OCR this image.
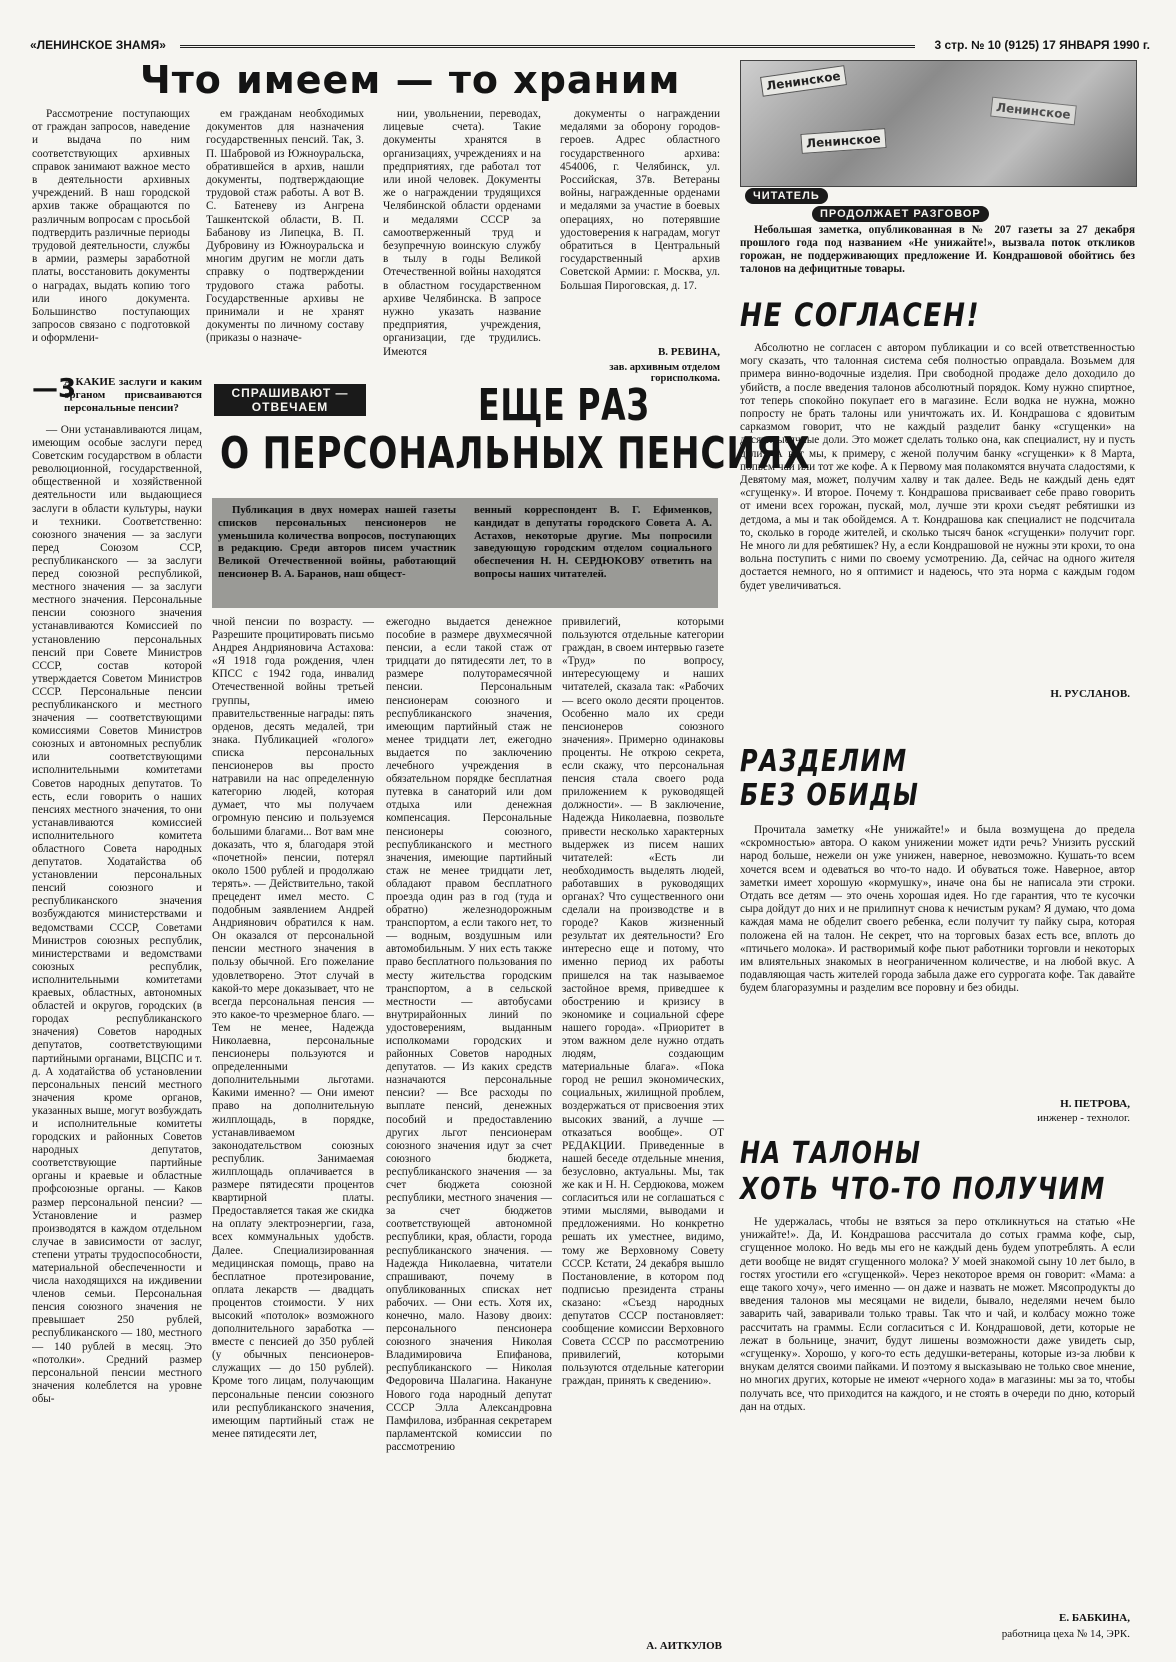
«ЛЕНИНСКОЕ ЗНАМЯ»	3 стр. № 10 (9125) 17 ЯНВАРЯ 1990 г.
Что имеем — то храним

Рассмотрение поступающих от граждан запросов, наведение и выдача по ним соответствующих архивных справок занимают важное место в деятельности архивных учреждений. В наш городской архив также обращаются по различным вопросам с просьбой подтвердить различные периоды трудовой деятельности, службы в армии, размеры заработной платы, восстановить документы о наградах, выдать копию того или иного документа. Большинство поступающих запросов связано с подготовкой и оформлени-

ем гражданам необходимых документов для назначения государственных пенсий. Так, З. П. Шабровой из Южноуральска, обратившейся в архив, нашли документы, подтверждающие трудовой стаж работы. А вот В. С. Батеневу из Ангрена Ташкентской области, В. П. Бабанову из Липецка, В. П. Дубровину из Южноуральска и многим другим не могли дать справку о подтверждении трудового стажа работы. Государственные архивы не принимали и не хранят документы по личному составу (приказы о назначе-

нии, увольнении, переводах, лицевые счета). Такие документы хранятся в организациях, учреждениях и на предприятиях, где работал тот или иной человек. Документы же о награждении трудящихся Челябинской области орденами и медалями СССР за самоотверженный труд и безупречную воинскую службу в тылу в годы Великой Отечественной войны находятся в областном государственном архиве Челябинска. В запросе нужно указать название предприятия, учреждения, организации, где трудились. Имеются

документы о награждении медалями за оборону городов-героев. Адрес областного государственного архива: 454006, г. Челябинск, ул. Российская, 37в. Ветераны войны, награжденные орденами и медалями за участие в боевых операциях, но потерявшие удостоверения к наградам, могут обратиться в Центральный государственный архив Советской Армии: г. Москва, ул. Большая Пироговская, д. 17.

В. РЕВИНА,
зав. архивным отделом горисполкома.
СПРАШИВАЮТ — ОТВЕЧАЕМ	ЕЩЕ РАЗ
О ПЕРСОНАЛЬНЫХ ПЕНСИЯХ

Публикация в двух номерах нашей газеты списков персональных пенсионеров не уменьшила количества вопросов, поступающих в редакцию. Среди авторов писем участник Великой Отечественной войны, работающий пенсионер В. А. Баранов, наш общест-

венный корреспондент В. Г. Ефименков, кандидат в депутаты городского Совета А. А. Астахов, некоторые другие. Мы попросили заведующую городским отделом социального обеспечения Н. Н. СЕРДЮКОВУ ответить на вопросы наших читателей.

—3
А КАКИЕ заслуги и каким органом присваиваются персональные пенсии?

— Они устанавливаются лицам, имеющим особые заслуги перед Советским государством в области революционной, государственной, общественной и хозяйственной деятельности или выдающиеся заслуги в области культуры, науки и техники. Соответственно: союзного значения — за заслуги перед Союзом ССР, республиканского — за заслуги перед союзной республикой, местного значения — за заслуги местного значения. Персональные пенсии союзного значения устанавливаются Комиссией по установлению персональных пенсий при Совете Министров СССР, состав которой утверждается Советом Министров СССР. Персональные пенсии республиканского и местного значения — соответствующими комиссиями Советов Министров союзных и автономных республик или соответствующими исполнительными комитетами Советов народных депутатов. То есть, если говорить о наших пенсиях местного значения, то они устанавливаются комиссией исполнительного комитета областного Совета народных депутатов. Ходатайства об установлении персональных пенсий союзного и республиканского значения возбуждаются министерствами и ведомствами СССР, Советами Министров союзных республик, министерствами и ведомствами союзных республик, исполнительными комитетами краевых, областных, автономных областей и округов, городских (в городах республиканского значения) Советов народных депутатов, соответствующими партийными органами, ВЦСПС и т. д. А ходатайства об установлении персональных пенсий местного значения кроме органов, указанных выше, могут возбуждать и исполнительные комитеты городских и районных Советов народных депутатов, соответствующие партийные органы и краевые и областные профсоюзные органы. — Каков размер персональной пенсии? — Установление и размер производятся в каждом отдельном случае в зависимости от заслуг, степени утраты трудоспособности, материальной обеспеченности и числа находящихся на иждивении членов семьи. Персональная пенсия союзного значения не превышает 250 рублей, республиканского — 180, местного — 140 рублей в месяц. Это «потолки». Средний размер персональной пенсии местного значения колеблется на уровне обы-

чной пенсии по возрасту. — Разрешите процитировать письмо Андрея Андрияновича Астахова: «Я 1918 года рождения, член КПСС с 1942 года, инвалид Отечественной войны третьей группы, имею правительственные награды: пять орденов, десять медалей, три знака. Публикацией «голого» списка персональных пенсионеров вы просто натравили на нас определенную категорию людей, которая думает, что мы получаем огромную пенсию и пользуемся большими благами... Вот вам мне доказать, что я, благодаря этой «почетной» пенсии, потерял около 1500 рублей и продолжаю терять». — Действительно, такой прецедент имел место. С подобным заявлением Андрей Андриянович обратился к нам. Он оказался от персональной пенсии местного значения в пользу обычной. Его пожелание удовлетворено. Этот случай в какой-то мере доказывает, что не всегда персональная пенсия — это какое-то чрезмерное благо. — Тем не менее, Надежда Николаевна, персональные пенсионеры пользуются и определенными дополнительными льготами. Какими именно? — Они имеют право на дополнительную жилплощадь, в порядке, устанавливаемом законодательством союзных республик. Занимаемая жилплощадь оплачивается в размере пятидесяти процентов квартирной платы. Предоставляется такая же скидка на оплату электроэнергии, газа, всех коммунальных удобств. Далее. Специализированная медицинская помощь, право на бесплатное протезирование, оплата лекарств — двадцать процентов стоимости. У них высокий «потолок» возможного дополнительного заработка — вместе с пенсией до 350 рублей (у обычных пенсионеров-служащих — до 150 рублей). Кроме того лицам, получающим персональные пенсии союзного или республиканского значения, имеющим партийный стаж не менее пятидесяти лет,

ежегодно выдается денежное пособие в размере двухмесячной пенсии, а если такой стаж от тридцати до пятидесяти лет, то в размере полуторамесячной пенсии. Персональным пенсионерам союзного и республиканского значения, имеющим партийный стаж не менее тридцати лет, ежегодно выдается по заключению лечебного учреждения в обязательном порядке бесплатная путевка в санаторий или дом отдыха или денежная компенсация. Персональные пенсионеры союзного, республиканского и местного значения, имеющие партийный стаж не менее тридцати лет, обладают правом бесплатного проезда один раз в год (туда и обратно) железнодорожным транспортом, а если такого нет, то — водным, воздушным или автомобильным. У них есть также право бесплатного пользования по месту жительства городским транспортом, а в сельской местности — автобусами внутрирайонных линий по удостоверениям, выданным исполкомами городских и районных Советов народных депутатов. — Из каких средств назначаются персональные пенсии? — Все расходы по выплате пенсий, денежных пособий и предоставлению других льгот пенсионерам союзного значения идут за счет союзного бюджета, республиканского значения — за счет бюджета союзной республики, местного значения — за счет бюджетов соответствующей автономной республики, края, области, города республиканского значения. — Надежда Николаевна, читатели спрашивают, почему в опубликованных списках нет рабочих. — Они есть. Хотя их, конечно, мало. Назову двоих: персонального пенсионера союзного значения Николая Владимировича Епифанова, республиканского — Николая Федоровича Шалагина. Накануне Нового года народный депутат СССР Элла Александровна Памфилова, избранная секретарем парламентской комиссии по рассмотрению

привилегий, которыми пользуются отдельные категории граждан, в своем интервью газете «Труд» по вопросу, интересующему и наших читателей, сказала так: «Рабочих — всего около десяти процентов. Особенно мало их среди пенсионеров союзного значения». Примерно одинаковы проценты. Не открою секрета, если скажу, что персональная пенсия стала своего рода приложением к руководящей должности». — В заключение, Надежда Николаевна, позвольте привести несколько характерных выдержек из писем наших читателей: «Есть ли необходимость выделять людей, работавших в руководящих органах? Что существенного они сделали на производстве и в городе? Каков жизненный результат их деятельности? Его интересно еще и потому, что именно период их работы пришелся на так называемое застойное время, приведшее к обострению и кризису в экономике и социальной сфере нашего города». «Приоритет в этом важном деле нужно отдать людям, создающим материальные блага». «Пока город не решил экономических, социальных, жилищной проблем, воздержаться от присвоения этих высоких званий, а лучше — отказаться вообще». ОТ РЕДАКЦИИ. Приведенные в нашей беседе отдельные мнения, безусловно, актуальны. Мы, так же как и Н. Н. Сердюкова, можем согласиться или не соглашаться с этими мыслями, выводами и предложениями. Но конкретно решать их уместнее, видимо, тому же Верховному Совету СССР. Кстати, 24 декабря вышло Постановление, в котором под подписью президента страны сказано: «Съезд народных депутатов СССР постановляет: сообщение комиссии Верховного Совета СССР по рассмотрению привилегий, которыми пользуются отдельные категории граждан, принять к сведению».

А. АИТКУЛОВ
Ленинское
Ленинское
Ленинское
ЧИТАТЕЛЬ
ПРОДОЛЖАЕТ РАЗГОВОР

Небольшая заметка, опубликованная в № 207 газеты за 27 декабря прошлого года под названием «Не унижайте!», вызвала поток откликов горожан, не поддерживающих предложение И. Кондрашовой обойтись без талонов на дефицитные товары.

НЕ СОГЛАСЕН!

Абсолютно не согласен с автором публикации и со всей ответственностью могу сказать, что талонная система себя полностью оправдала. Возьмем для примера винно-водочные изделия. При свободной продаже дело доходило до убийств, а после введения талонов абсолютный порядок. Кому нужно спиртное, тот теперь спокойно покупает его в магазине. Если водка не нужна, можно попросту не брать талоны или уничтожать их. И. Кондрашова с ядовитым сарказмом говорит, что не каждый разделит банку «сгущенки» на десятитысячные доли. Это может сделать только она, как специалист, ну и пусть делит. А вот мы, к примеру, с женой получим банку «сгущенки» к 8 Марта, попьем чай или тот же кофе. А к Первому мая полакомятся внучата сладостями, к Девятому мая, может, получим халву и так далее. Ведь не каждый день едят «сгущенку». И второе. Почему т. Кондрашова присваивает себе право говорить от имени всех горожан, пускай, мол, лучше эти крохи съедят ребятишки из детдома, а мы и так обойдемся. А т. Кондрашова как специалист не подсчитала то, сколько в городе жителей, и сколько тысяч банок «сгущенки» получит горг. Не много ли для ребятишек? Ну, а если Кондрашовой не нужны эти крохи, то она вольна поступить с ними по своему усмотрению. Да, сейчас на одного жителя достается немного, но я оптимист и надеюсь, что эта норма с каждым годом будет увеличиваться.

Н. РУСЛАНОВ.
РАЗДЕЛИМ
БЕЗ ОБИДЫ

Прочитала заметку «Не унижайте!» и была возмущена до предела «скромностью» автора. О каком унижении может идти речь? Унизить русский народ больше, нежели он уже унижен, наверное, невозможно. Кушать-то всем хочется всем и одеваться во что-то надо. И обуваться тоже. Наверное, автор заметки имеет хорошую «кормушку», иначе она бы не написала эти строки. Отдать все детям — это очень хорошая идея. Но где гарантия, что те кусочки сыра дойдут до них и не прилипнут снова к нечистым рукам? Я думаю, что дома каждая мама не обделит своего ребенка, если получит ту пайку сыра, которая положена ей на талон. Не секрет, что на торговых базах есть все, вплоть до «птичьего молока». И растворимый кофе пьют работники торговли и некоторых им влиятельных знакомых в неограниченном количестве, и на любой вкус. А подавляющая часть жителей города забыла даже его суррогата кофе. Так давайте будем благоразумны и разделим все поровну и без обиды.

Н. ПЕТРОВА,
инженер - технолог.
НА ТАЛОНЫ
ХОТЬ ЧТО-ТО ПОЛУЧИМ

Не удержалась, чтобы не взяться за перо откликнуться на статью «Не унижайте!». Да, И. Кондрашова рассчитала до сотых грамма кофе, сыр, сгущенное молоко. Но ведь мы его не каждый день будем употреблять. А если дети вообще не видят сгущенного молока? У моей знакомой сыну 10 лет было, в гостях угостили его «сгущенкой». Через некоторое время он говорит: «Мама: а еще такого хочу», чего именно — он даже и назвать не может. Мясопродукты до введения талонов мы месяцами не видели, бывало, неделями нечем было заварить чай, заваривали только травы. Так что и чай, и колбасу можно тоже рассчитать на граммы. Если согласиться с И. Кондрашовой, дети, которые не лежат в больнице, значит, будут лишены возможности даже увидеть сыр, «сгущенку». Хорошо, у кого-то есть дедушки-ветераны, которые из-за любви к внукам делятся своими пайками. И поэтому я высказываю не только свое мнение, но многих других, которые не имеют «черного хода» в магазины: мы за то, чтобы получать все, что приходится на каждого, и не стоять в очереди по дню, который дан на отдых.

Е. БАБКИНА,
работница цеха № 14, ЭРК.
